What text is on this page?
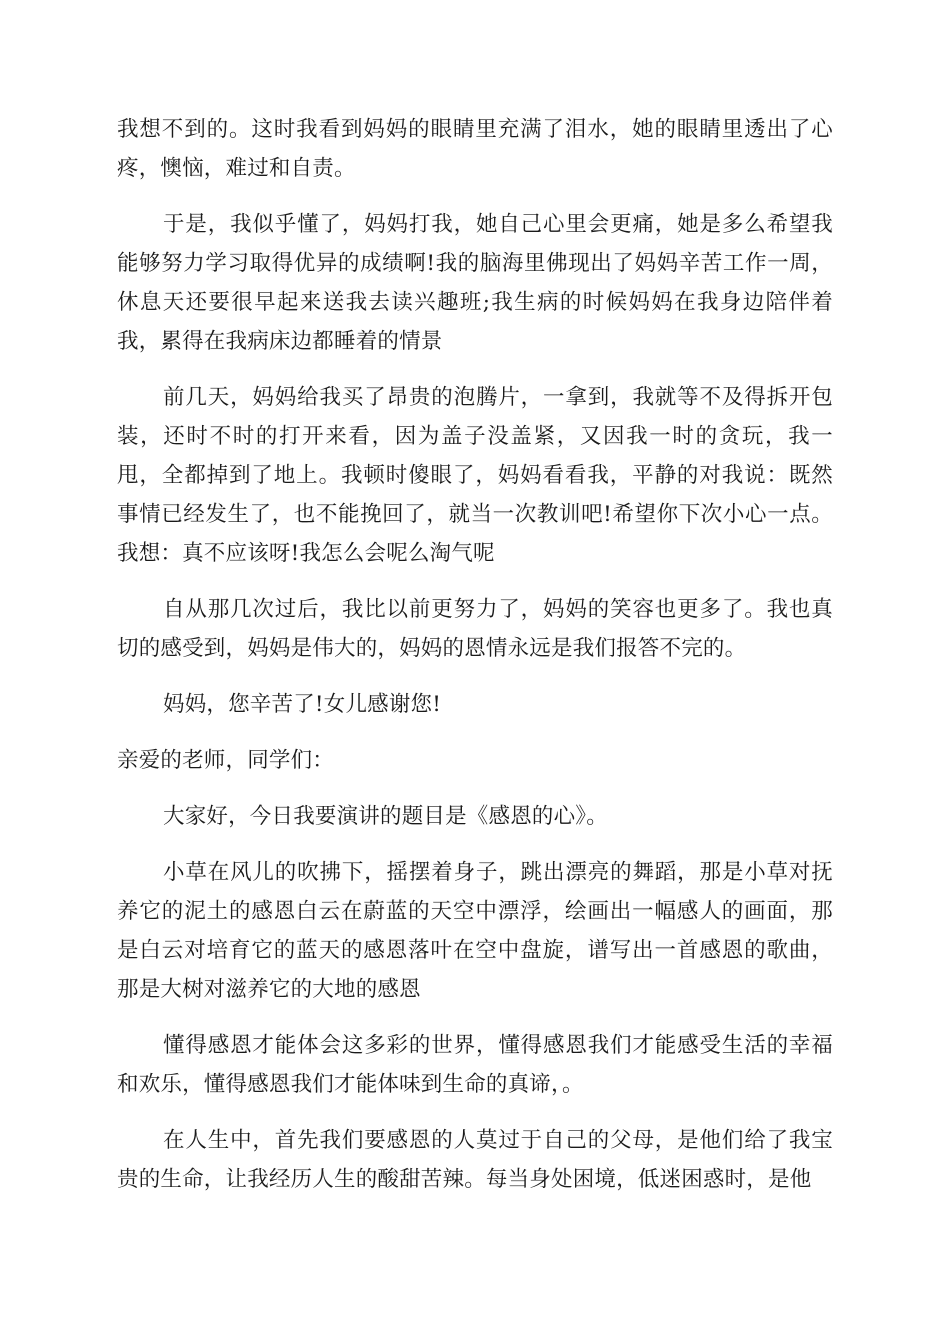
我想不到的。这时我看到妈妈的眼睛里充满了泪水，她的眼睛里透出了心疼，懊恼，难过和自责。

于是，我似乎懂了，妈妈打我，她自己心里会更痛，她是多么希望我能够努力学习取得优异的成绩啊!我的脑海里佛现出了妈妈辛苦工作一周，休息天还要很早起来送我去读兴趣班;我生病的时候妈妈在我身边陪伴着我，累得在我病床边都睡着的情景

前几天，妈妈给我买了昂贵的泡腾片，一拿到，我就等不及得拆开包装，还时不时的打开来看，因为盖子没盖紧，又因我一时的贪玩，我一甩，全都掉到了地上。我顿时傻眼了，妈妈看看我，平静的对我说：既然事情已经发生了，也不能挽回了，就当一次教训吧!希望你下次小心一点。我想：真不应该呀!我怎么会呢么淘气呢

自从那几次过后，我比以前更努力了，妈妈的笑容也更多了。我也真切的感受到，妈妈是伟大的，妈妈的恩情永远是我们报答不完的。

妈妈，您辛苦了!女儿感谢您!

亲爱的老师，同学们：

大家好，今日我要演讲的题目是《感恩的心》。

小草在风儿的吹拂下，摇摆着身子，跳出漂亮的舞蹈，那是小草对抚养它的泥土的感恩白云在蔚蓝的天空中漂浮，绘画出一幅感人的画面，那是白云对培育它的蓝天的感恩落叶在空中盘旋，谱写出一首感恩的歌曲，那是大树对滋养它的大地的感恩

懂得感恩才能体会这多彩的世界，懂得感恩我们才能感受生活的幸福和欢乐，懂得感恩我们才能体味到生命的真谛，。

在人生中，首先我们要感恩的人莫过于自己的父母，是他们给了我宝贵的生命，让我经历人生的酸甜苦辣。每当身处困境，低迷困惑时，是他
